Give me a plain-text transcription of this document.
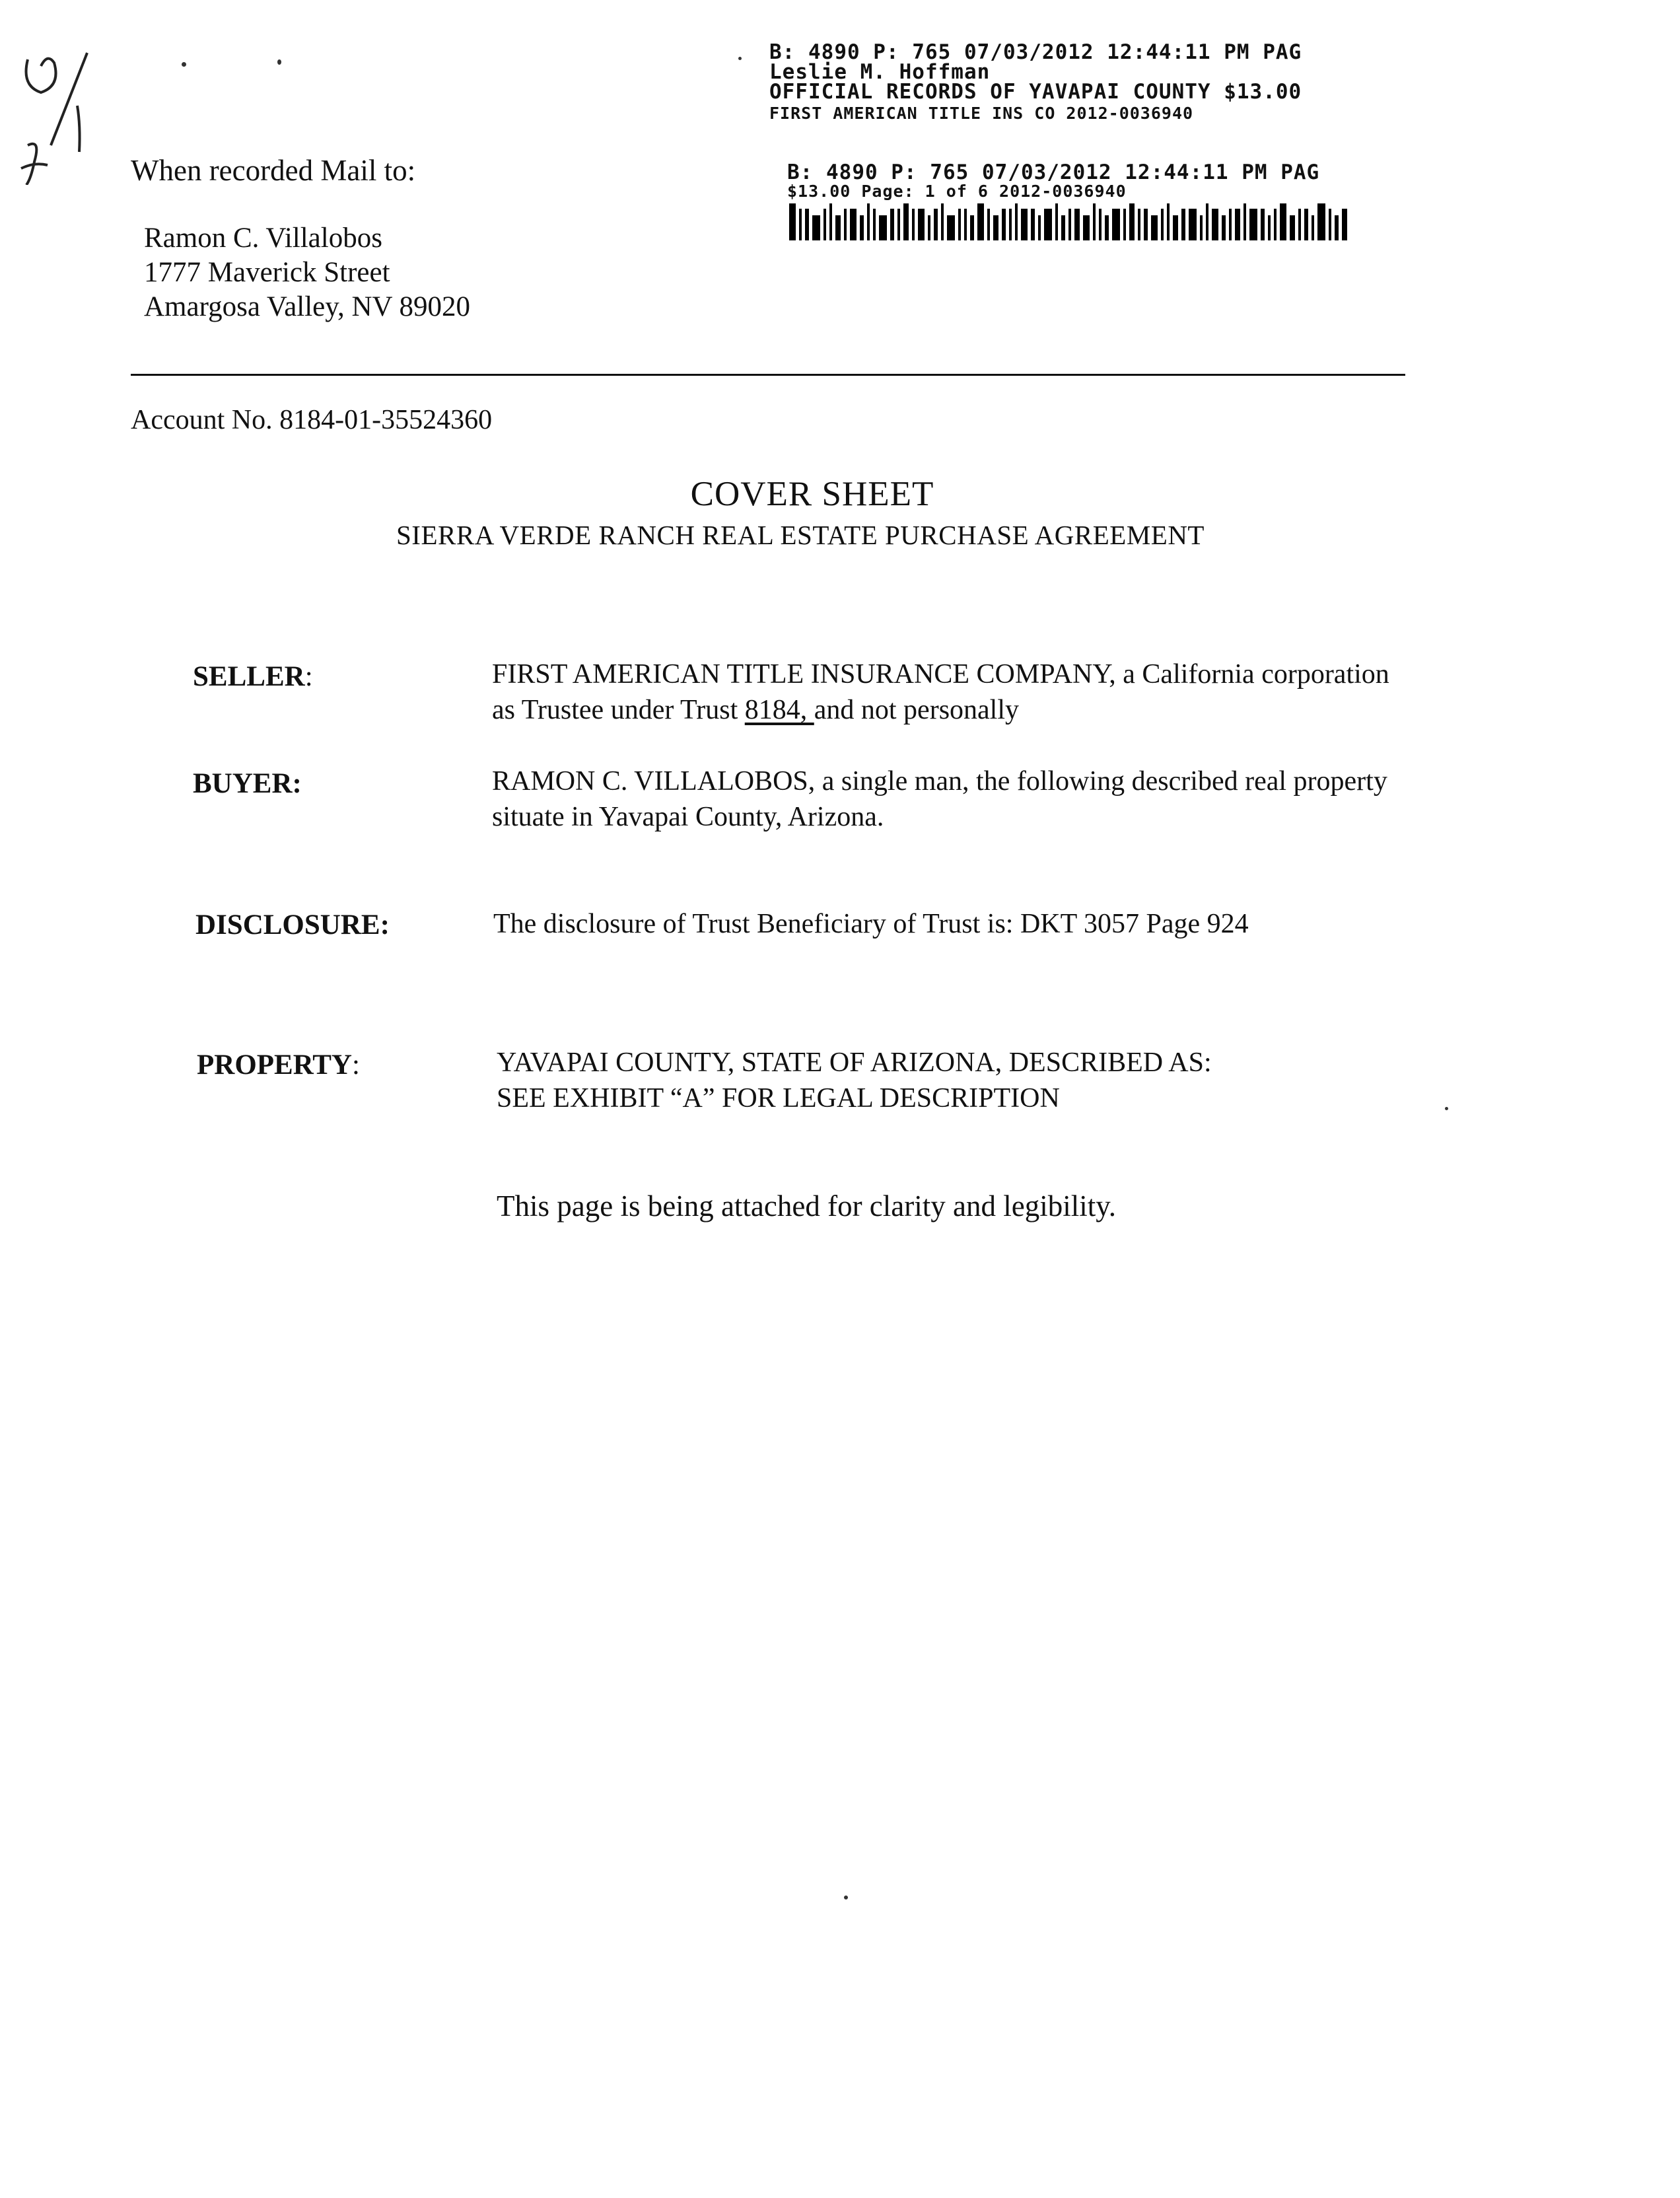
B: 4890 P: 765 07/03/2012 12:44:11 PM PAG
Leslie M. Hoffman
OFFICIAL RECORDS OF YAVAPAI COUNTY $13.00
FIRST AMERICAN TITLE INS CO 2012-0036940
B: 4890 P: 765 07/03/2012 12:44:11 PM PAG
$13.00 Page: 1 of 6 2012-0036940
When recorded Mail to:
Ramon C. Villalobos
1777 Maverick Street
Amargosa Valley, NV 89020
Account No. 8184-01-35524360
COVER SHEET
SIERRA VERDE RANCH REAL ESTATE PURCHASE AGREEMENT
SELLER:	FIRST AMERICAN TITLE INSURANCE COMPANY, a California corporation
as Trustee under Trust 8184, and not personally
BUYER:	RAMON C. VILLALOBOS, a single man, the following described real property
situate in Yavapai County, Arizona.
DISCLOSURE:	The disclosure of Trust Beneficiary of Trust is: DKT 3057 Page 924
PROPERTY:	YAVAPAI COUNTY, STATE OF ARIZONA, DESCRIBED AS:
SEE EXHIBIT “A” FOR LEGAL DESCRIPTION
This page is being attached for clarity and legibility.
